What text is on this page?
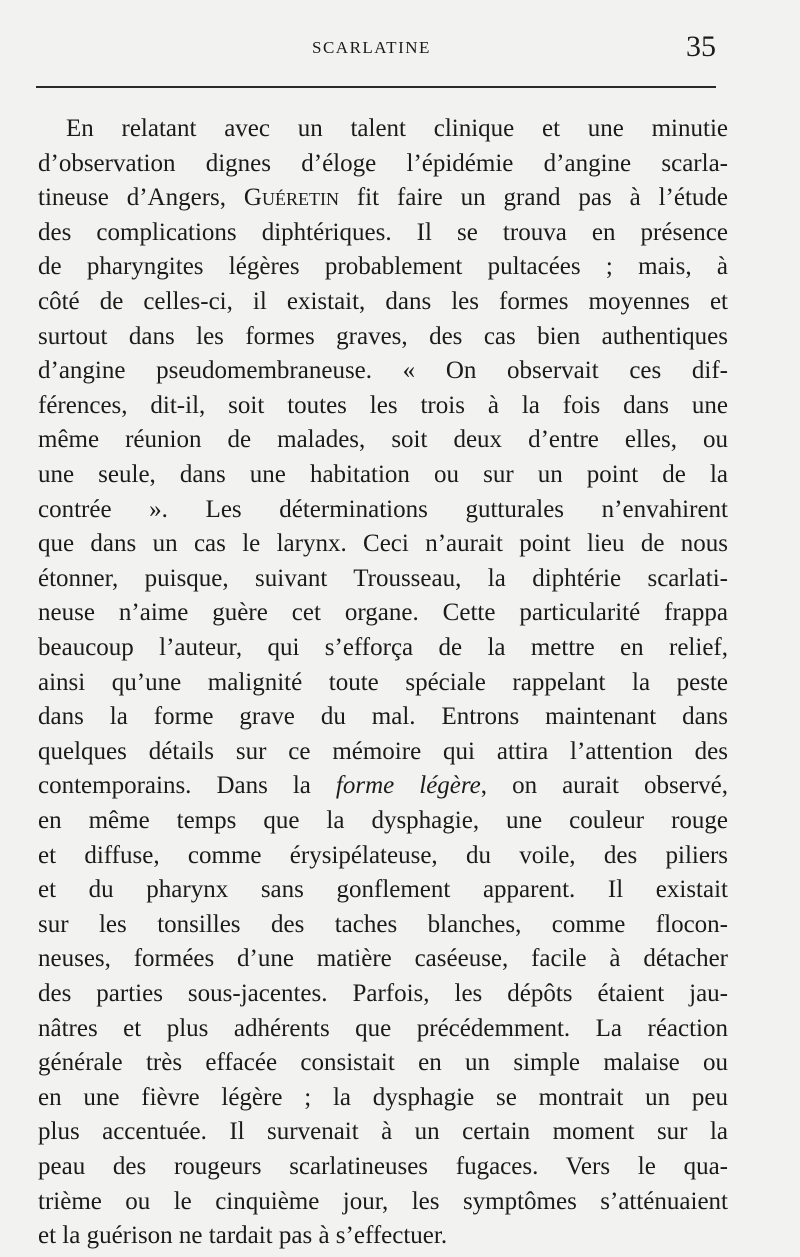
SCARLATINE	35
En relatant avec un talent clinique et une minutie
d’observation dignes d’éloge l’épidémie d’angine scarla-
tineuse d’Angers, Guéretin fit faire un grand pas à l’étude
des complications diphtériques. Il se trouva en présence
de pharyngites légères probablement pultacées ; mais, à
côté de celles-ci, il existait, dans les formes moyennes et
surtout dans les formes graves, des cas bien authentiques
d’angine pseudomembraneuse. « On observait ces dif-
férences, dit-il, soit toutes les trois à la fois dans une
même réunion de malades, soit deux d’entre elles, ou
une seule, dans une habitation ou sur un point de la
contrée ». Les déterminations gutturales n’envahirent
que dans un cas le larynx. Ceci n’aurait point lieu de nous
étonner, puisque, suivant Trousseau, la diphtérie scarlati-
neuse n’aime guère cet organe. Cette particularité frappa
beaucoup l’auteur, qui s’efforça de la mettre en relief,
ainsi qu’une malignité toute spéciale rappelant la peste
dans la forme grave du mal. Entrons maintenant dans
quelques détails sur ce mémoire qui attira l’attention des
contemporains. Dans la forme légère, on aurait observé,
en même temps que la dysphagie, une couleur rouge
et diffuse, comme érysipélateuse, du voile, des piliers
et du pharynx sans gonflement apparent. Il existait
sur les tonsilles des taches blanches, comme flocon-
neuses, formées d’une matière caséeuse, facile à détacher
des parties sous-jacentes. Parfois, les dépôts étaient jau-
nâtres et plus adhérents que précédemment. La réaction
générale très effacée consistait en un simple malaise ou
en une fièvre légère ; la dysphagie se montrait un peu
plus accentuée. Il survenait à un certain moment sur la
peau des rougeurs scarlatineuses fugaces. Vers le qua-
trième ou le cinquième jour, les symptômes s’atténuaient
et la guérison ne tardait pas à s’effectuer.
